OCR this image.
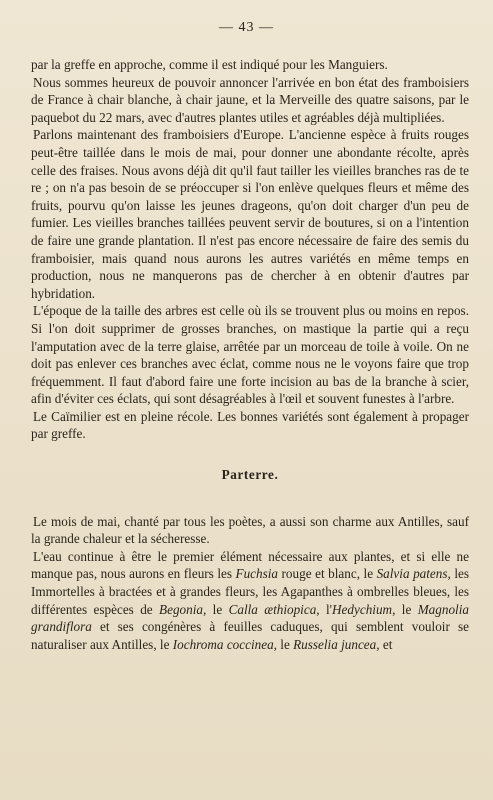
— 43 —

par la greffe en approche, comme il est indiqué pour les Manguiers.

Nous sommes heureux de pouvoir annoncer l'arrivée en bon état des framboisiers de France à chair blanche, à chair jaune, et la Merveille des quatre saisons, par le paquebot du 22 mars, avec d'autres plantes utiles et agréables déjà multipliées.

Parlons maintenant des framboisiers d'Europe. L'ancienne espèce à fruits rouges peut-être taillée dans le mois de mai, pour donner une abondante récolte, après celle des fraises. Nous avons déjà dit qu'il faut tailler les vieilles branches ras de te re ; on n'a pas besoin de se préoccuper si l'on enlève quelques fleurs et même des fruits, pourvu qu'on laisse les jeunes drageons, qu'on doit charger d'un peu de fumier. Les vieilles branches taillées peuvent servir de boutures, si on a l'intention de faire une grande plantation. Il n'est pas encore nécessaire de faire des semis du framboisier, mais quand nous aurons les autres variétés en même temps en production, nous ne manquerons pas de chercher à en obtenir d'autres par hybridation.

L'époque de la taille des arbres est celle où ils se trouvent plus ou moins en repos. Si l'on doit supprimer de grosses branches, on mastique la partie qui a reçu l'amputation avec de la terre glaise, arrêtée par un morceau de toile à voile. On ne doit pas enlever ces branches avec éclat, comme nous ne le voyons faire que trop fréquemment. Il faut d'abord faire une forte incision au bas de la branche à scier, afin d'éviter ces éclats, qui sont désagréables à l'œil et souvent funestes à l'arbre.

Le Caïmilier est en pleine récole. Les bonnes variétés sont également à propager par greffe.

Parterre.

Le mois de mai, chanté par tous les poètes, a aussi son charme aux Antilles, sauf la grande chaleur et la sécheresse.

L'eau continue à être le premier élément nécessaire aux plantes, et si elle ne manque pas, nous aurons en fleurs les Fuchsia rouge et blanc, le Salvia patens, les Immortelles à bractées et à grandes fleurs, les Agapanthes à ombrelles bleues, les différentes espèces de Begonia, le Calla æthiopica, l'Hedychium, le Magnolia grandiflora et ses congénères à feuilles caduques, qui semblent vouloir se naturaliser aux Antilles, le Iochroma coccinea, le Russelia juncea, et
